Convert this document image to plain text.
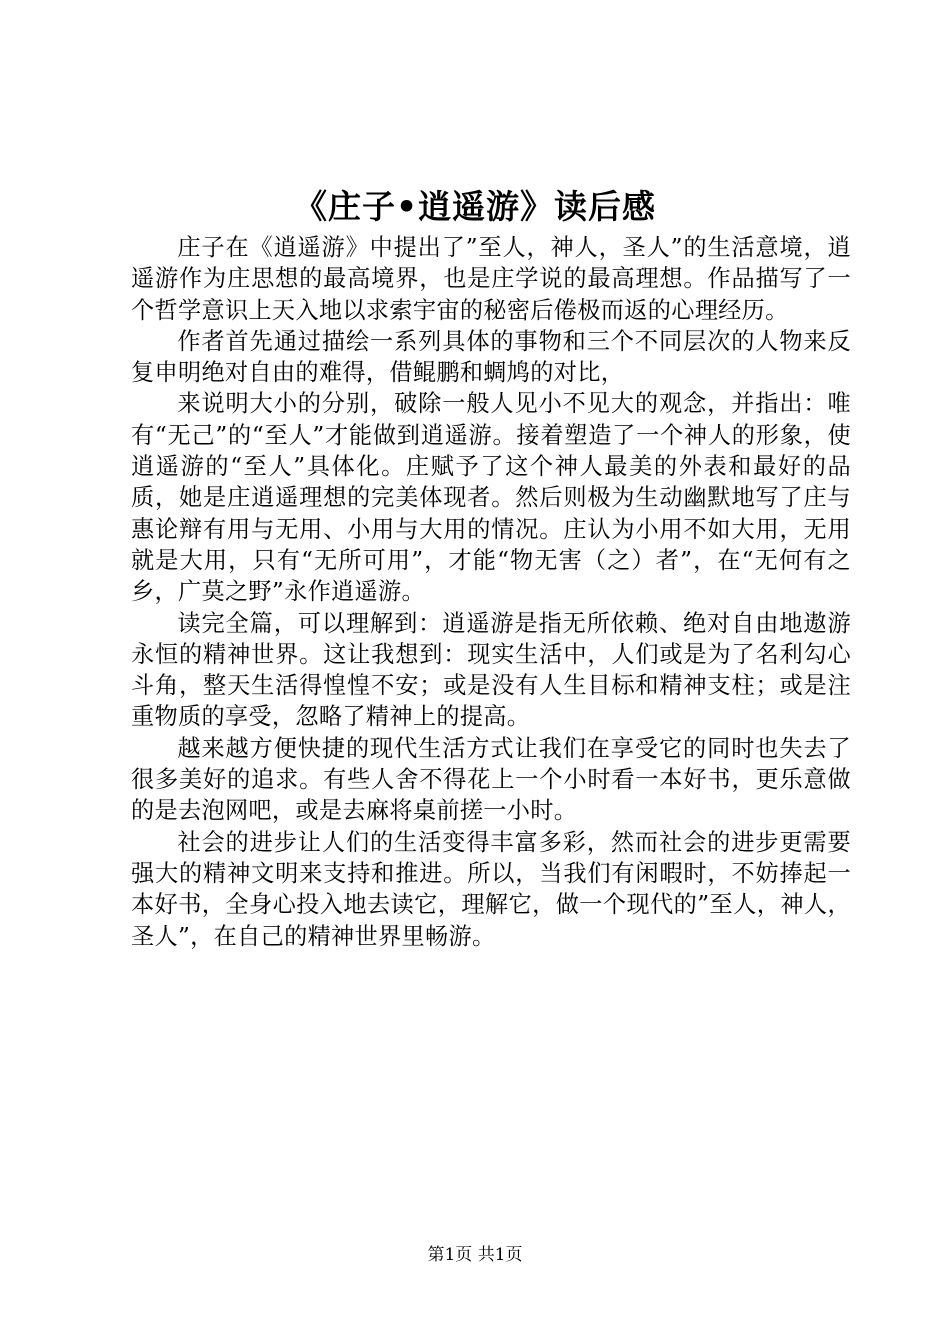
《庄子•逍遥游》读后感

庄子在《逍遥游》中提出了”至人，神人，圣人”的生活意境，逍遥游作为庄思想的最高境界，也是庄学说的最高理想。作品描写了一个哲学意识上天入地以求索宇宙的秘密后倦极而返的心理经历。

作者首先通过描绘一系列具体的事物和三个不同层次的人物来反复申明绝对自由的难得，借鲲鹏和蜩鸠的对比，

来说明大小的分别，破除一般人见小不见大的观念，并指出：唯有“无己”的“至人”才能做到逍遥游。接着塑造了一个神人的形象，使逍遥游的“至人”具体化。庄赋予了这个神人最美的外表和最好的品质，她是庄逍遥理想的完美体现者。然后则极为生动幽默地写了庄与惠论辩有用与无用、小用与大用的情况。庄认为小用不如大用，无用就是大用，只有“无所可用”，才能“物无害（之）者”，在“无何有之乡，广莫之野”永作逍遥游。

读完全篇，可以理解到：逍遥游是指无所依赖、绝对自由地遨游永恒的精神世界。这让我想到：现实生活中，人们或是为了名利勾心斗角，整天生活得惶惶不安；或是没有人生目标和精神支柱；或是注重物质的享受，忽略了精神上的提高。

越来越方便快捷的现代生活方式让我们在享受它的同时也失去了很多美好的追求。有些人舍不得花上一个小时看一本好书，更乐意做的是去泡网吧，或是去麻将桌前搓一小时。

社会的进步让人们的生活变得丰富多彩，然而社会的进步更需要强大的精神文明来支持和推进。所以，当我们有闲暇时，不妨捧起一本好书，全身心投入地去读它，理解它，做一个现代的”至人，神人，圣人”，在自己的精神世界里畅游。

第1页 共1页
